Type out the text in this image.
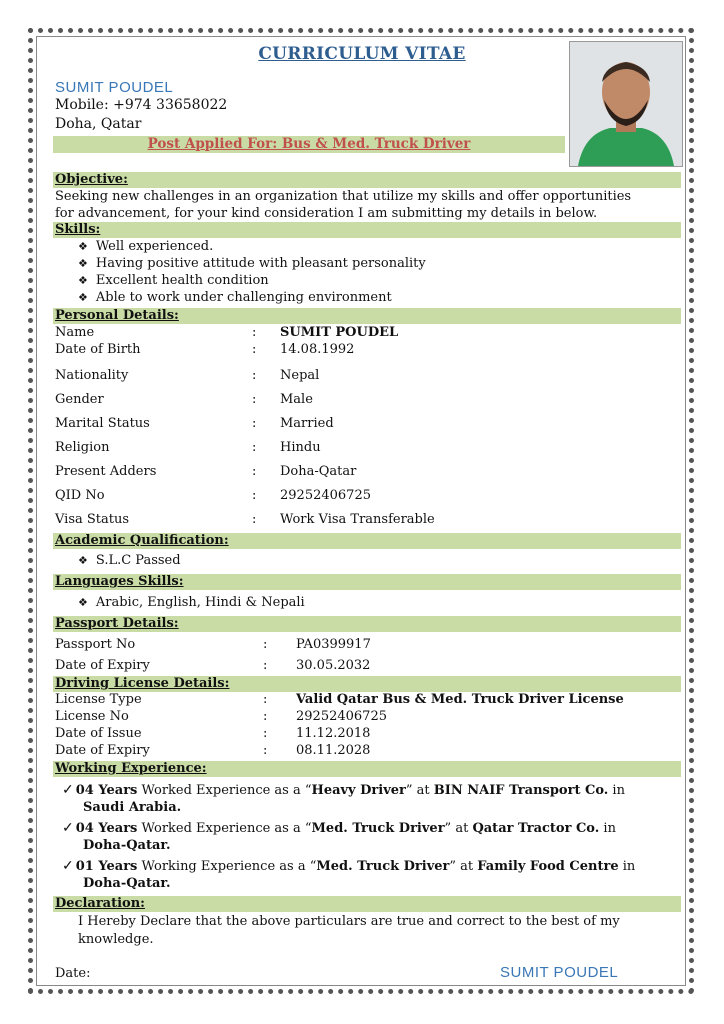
CURRICULUM VITAE
SUMIT POUDEL
Mobile: +974 33658022
Doha, Qatar
Post Applied For: Bus & Med. Truck Driver
Objective:
Seeking new challenges in an organization that utilize my skills and offer opportunities
for advancement, for your kind consideration I am submitting my details in below.
Skills:
❖ Well experienced.
❖ Having positive attitude with pleasant personality
❖ Excellent health condition
❖ Able to work under challenging environment
Personal Details:
Name	: SUMIT POUDEL
Date of Birth	: 14.08.1992
Nationality	: Nepal
Gender	: Male
Marital Status	: Married
Religion	: Hindu
Present Adders	: Doha-Qatar
QID No	: 29252406725
Visa Status	: Work Visa Transferable
Academic Qualification:
❖ S.L.C Passed
Languages Skills:
❖ Arabic, English, Hindi & Nepali
Passport Details:
Passport No	: PA0399917
Date of Expiry	: 30.05.2032
Driving License Details:
License Type	: Valid Qatar Bus & Med. Truck Driver License
License No	: 29252406725
Date of Issue	: 11.12.2018
Date of Expiry	: 08.11.2028
Working Experience:
✓ 04 Years Worked Experience as a “Heavy Driver” at BIN NAIF Transport Co. in
Saudi Arabia.
✓ 04 Years Worked Experience as a “Med. Truck Driver” at Qatar Tractor Co. in
Doha-Qatar.
✓ 01 Years Working Experience as a “Med. Truck Driver” at Family Food Centre in
Doha-Qatar.
Declaration:
I Hereby Declare that the above particulars are true and correct to the best of my
knowledge.
Date:	SUMIT POUDEL
